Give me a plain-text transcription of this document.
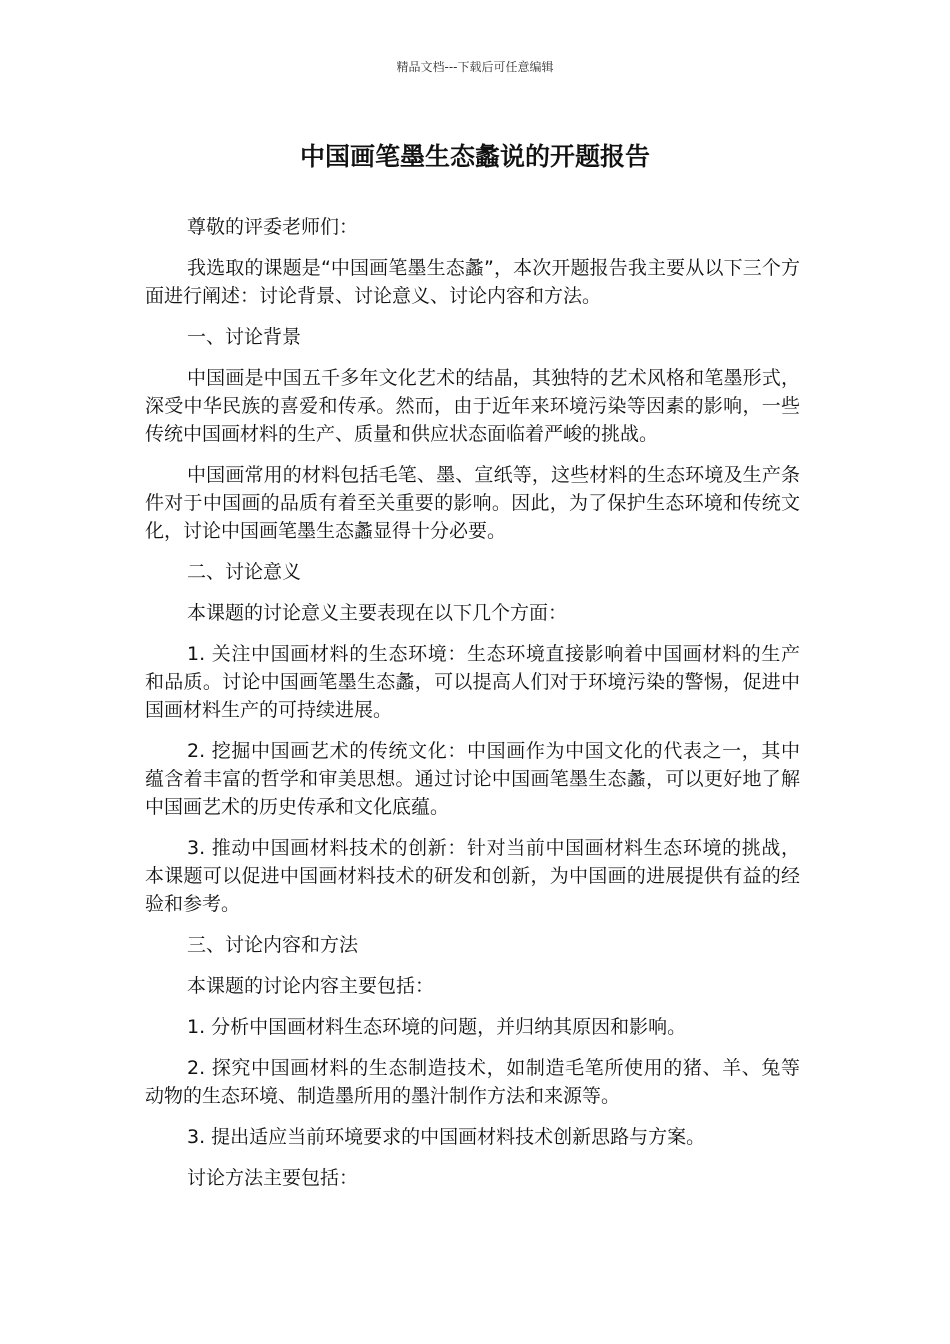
精品文档---下载后可任意编辑
中国画笔墨生态蠡说的开题报告

尊敬的评委老师们：

我选取的课题是“中国画笔墨生态蠡”，本次开题报告我主要从以下三个方面进行阐述：讨论背景、讨论意义、讨论内容和方法。

一、讨论背景

中国画是中国五千多年文化艺术的结晶，其独特的艺术风格和笔墨形式，深受中华民族的喜爱和传承。然而，由于近年来环境污染等因素的影响，一些传统中国画材料的生产、质量和供应状态面临着严峻的挑战。

中国画常用的材料包括毛笔、墨、宣纸等，这些材料的生态环境及生产条件对于中国画的品质有着至关重要的影响。因此，为了保护生态环境和传统文化，讨论中国画笔墨生态蠡显得十分必要。

二、讨论意义

本课题的讨论意义主要表现在以下几个方面：

1. 关注中国画材料的生态环境：生态环境直接影响着中国画材料的生产和品质。讨论中国画笔墨生态蠡，可以提高人们对于环境污染的警惕，促进中国画材料生产的可持续进展。

2. 挖掘中国画艺术的传统文化：中国画作为中国文化的代表之一，其中蕴含着丰富的哲学和审美思想。通过讨论中国画笔墨生态蠡，可以更好地了解中国画艺术的历史传承和文化底蕴。

3. 推动中国画材料技术的创新：针对当前中国画材料生态环境的挑战，本课题可以促进中国画材料技术的研发和创新，为中国画的进展提供有益的经验和参考。

三、讨论内容和方法

本课题的讨论内容主要包括：

1. 分析中国画材料生态环境的问题，并归纳其原因和影响。

2. 探究中国画材料的生态制造技术，如制造毛笔所使用的猪、羊、兔等动物的生态环境、制造墨所用的墨汁制作方法和来源等。

3. 提出适应当前环境要求的中国画材料技术创新思路与方案。

讨论方法主要包括：
